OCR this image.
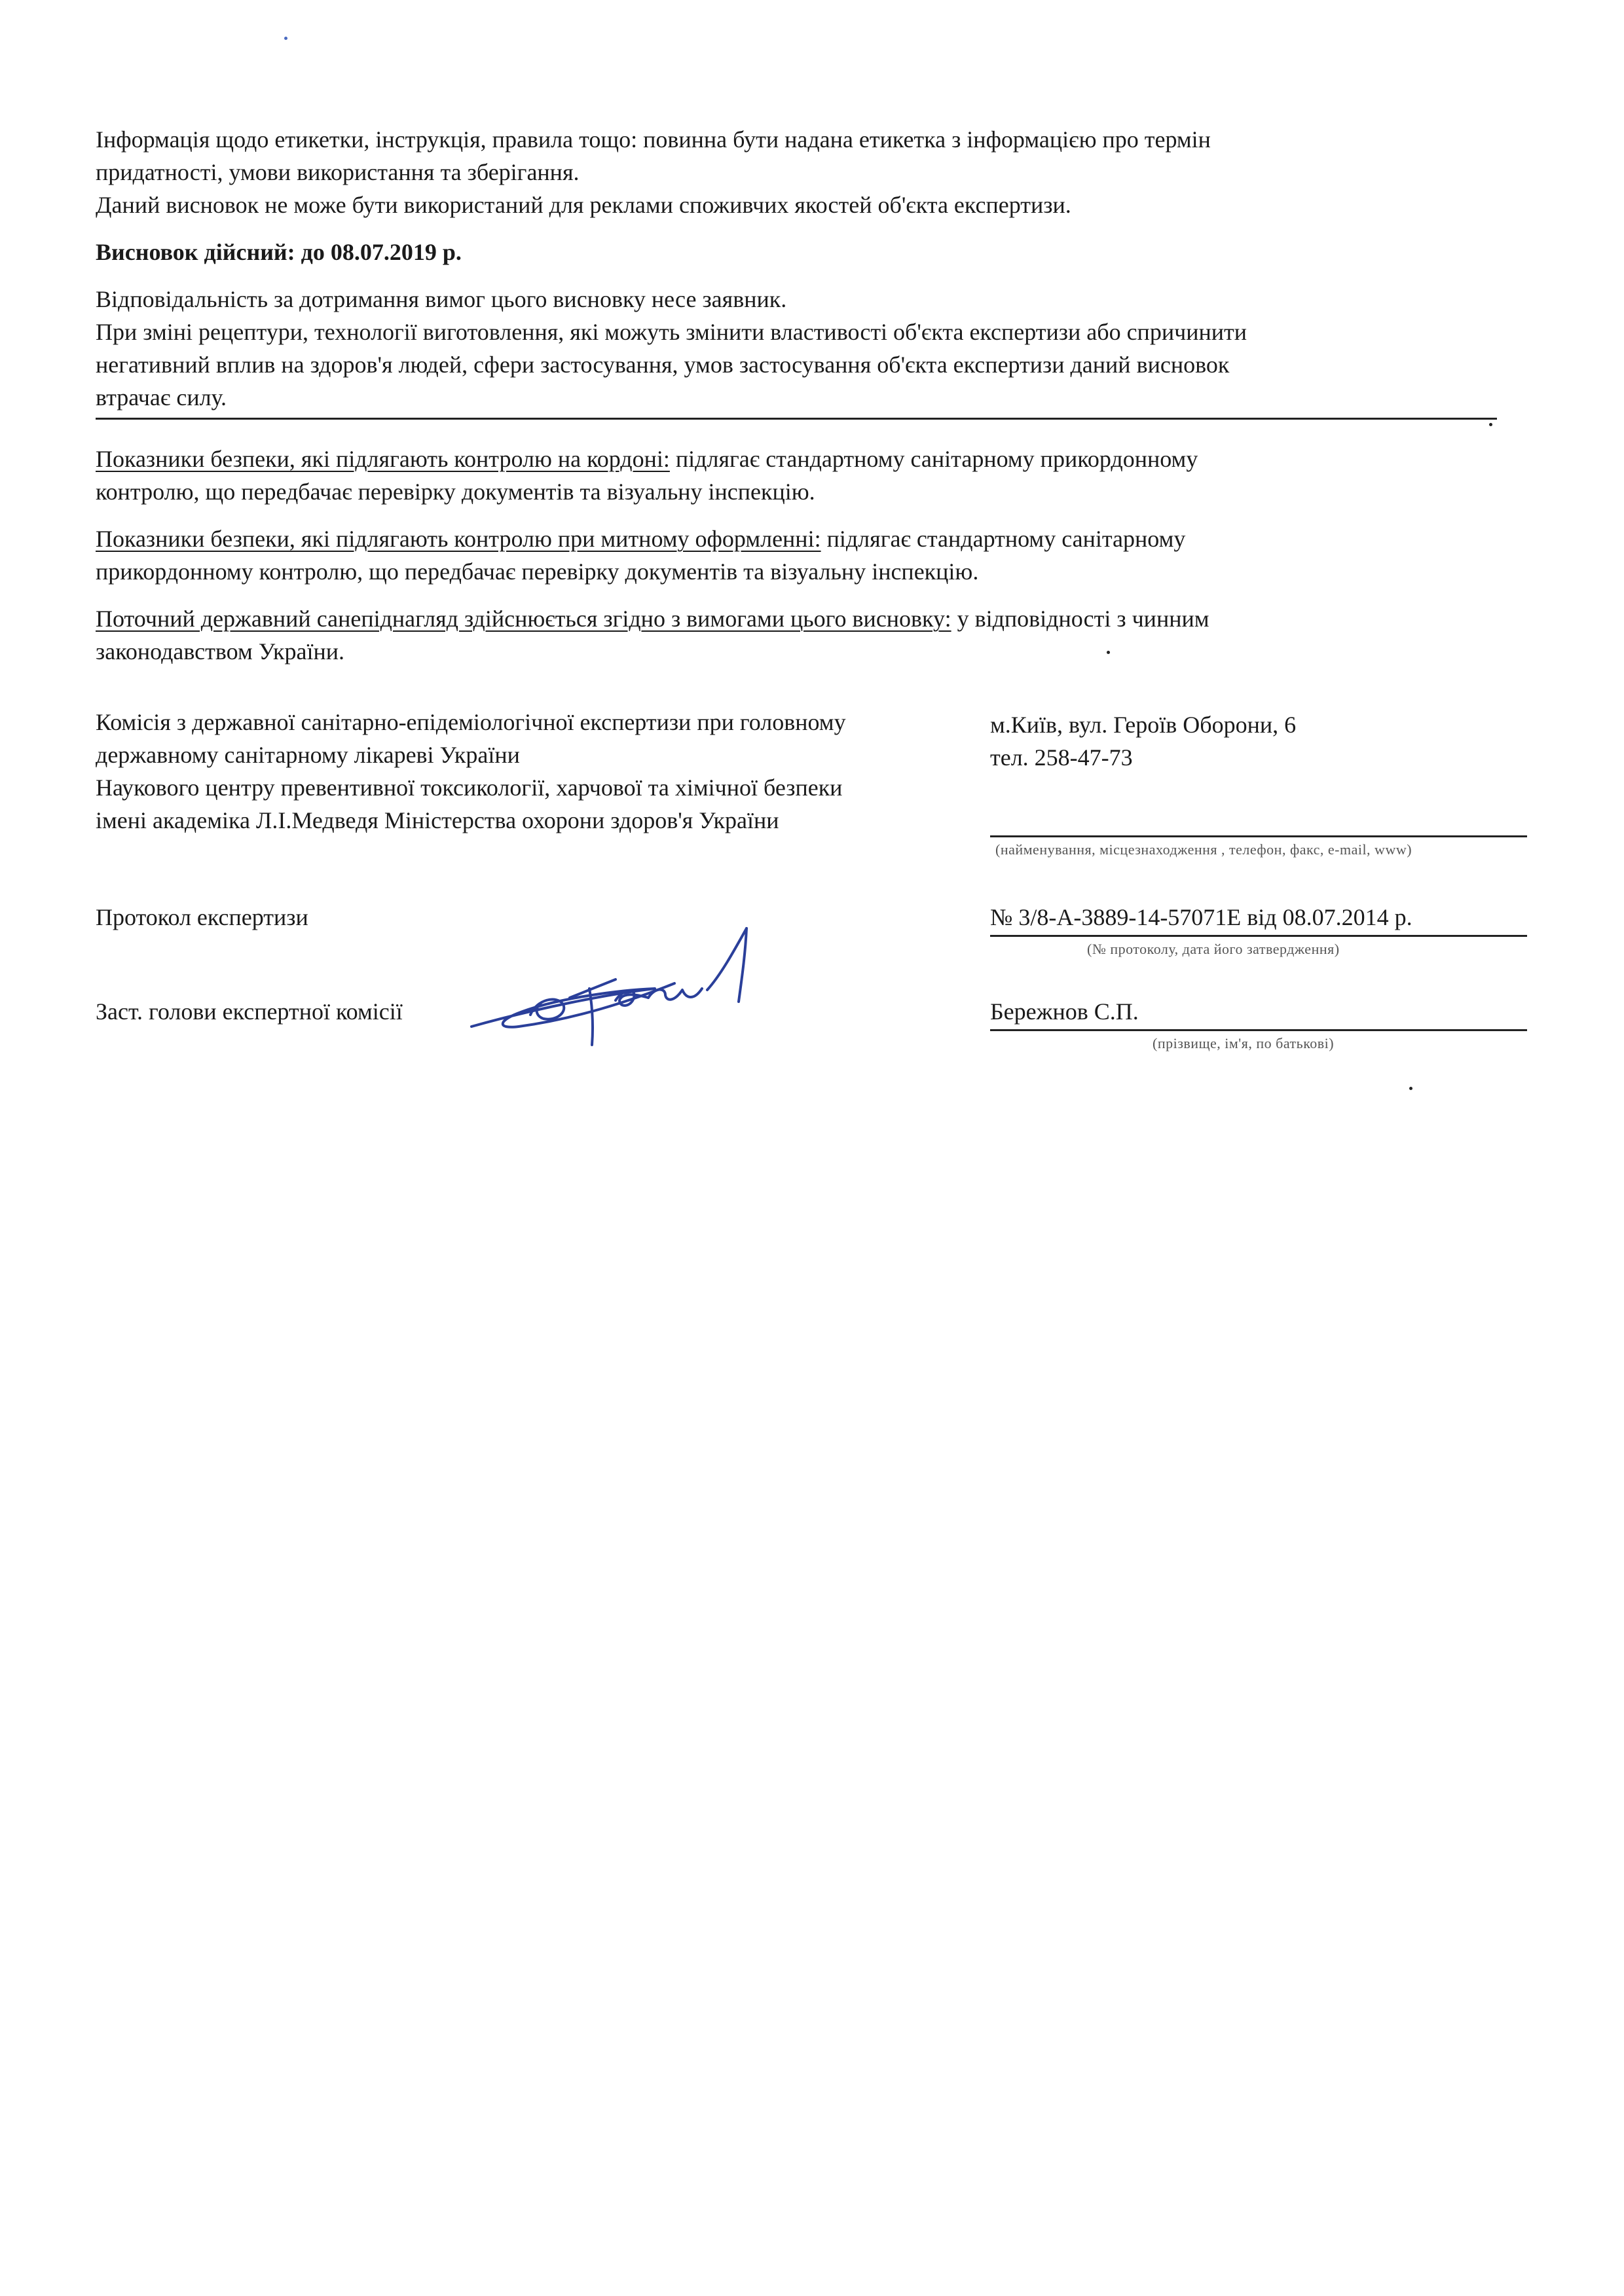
Інформація щодо етикетки, інструкція, правила тощо: повинна бути надана етикетка з інформацією про термін
придатності, умови використання та зберігання.
Даний висновок не може бути використаний для реклами споживчих якостей об'єкта експертизи.
Висновок дійсний: до 08.07.2019 р.
Відповідальність за дотримання вимог цього висновку несе заявник.
При зміні рецептури, технології виготовлення, які можуть змінити властивості об'єкта експертизи або спричинити
негативний вплив на здоров'я людей, сфери застосування, умов застосування об'єкта експертизи даний висновок
втрачає силу.
Показники безпеки, які підлягають контролю на кордоні: підлягає стандартному санітарному прикордонному
контролю, що передбачає перевірку документів та візуальну інспекцію.
Показники безпеки, які підлягають контролю при митному оформленні: підлягає стандартному санітарному
прикордонному контролю, що передбачає перевірку документів та візуальну інспекцію.
Поточний державний санепіднагляд здійснюється згідно з вимогами цього висновку: у відповідності з чинним
законодавством України.
Комісія з державної санітарно-епідеміологічної експертизи при головному
державному санітарному лікареві України
Наукового центру превентивної токсикології, харчової та хімічної безпеки
імені академіка Л.І.Медведя Міністерства охорони здоров'я України
м.Київ, вул. Героїв Оборони, 6
тел. 258-47-73
(найменування, місцезнаходження , телефон, факс, e-mail, www)
Протокол експертизи	№ 3/8-А-3889-14-57071Е від 08.07.2014 р.
(№ протоколу, дата його затвердження)
Заст. голови експертної комісії	Бережнов С.П.
(прізвище, ім'я, по батькові)
